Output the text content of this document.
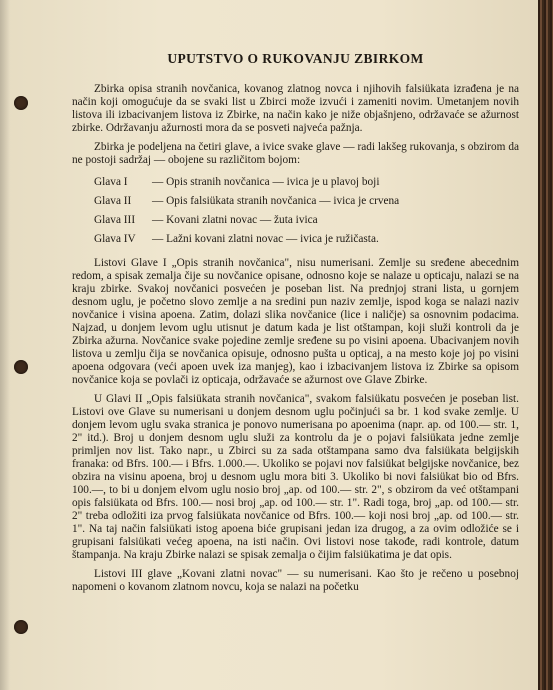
UPUTSTVO O RUKOVANJU ZBIRKOM

Zbirka opisa stranih novčanica, kovanog zlatnog novca i njihovih falsiükata izrađena je na način koji omogućuje da se svaki list u Zbirci može izvući i zameniti novim. Umetanjem novih listova ili izbacivanjem listova iz Zbirke, na način kako je niže objašnjeno, održavaće se ažurnost zbirke. Održavanju ažurnosti mora da se posveti najveća pažnja.

Zbirka je podeljena na četiri glave, a ivice svake glave — radi lakšeg rukovanja, s obzirom da ne postoji sadržaj — obojene su različitom bojom:

Glava I	— Opis stranih novčanica — ivica je u plavoj boji
Glava II	— Opis falsiükata stranih novčanica — ivica je crvena
Glava III	— Kovani zlatni novac — žuta ivica
Glava IV	— Lažni kovani zlatni novac — ivica je ružičasta.

Listovi Glave I „Opis stranih novčanica", nisu numerisani. Zemlje su sređene abecednim redom, a spisak zemalja čije su novčanice opisane, odnosno koje se nalaze u opticaju, nalazi se na kraju zbirke. Svakoj novčanici posvećen je poseban list. Na prednjoj strani lista, u gornjem desnom uglu, je početno slovo zemlje a na sredini pun naziv zemlje, ispod koga se nalazi naziv novčanice i visina apoena. Zatim, dolazi slika novčanice (lice i naličje) sa osnovnim podacima. Najzad, u donjem levom uglu utisnut je datum kada je list otštampan, koji služi kontroli da je Zbirka ažurna. Novčanice svake pojedine zemlje sređene su po visini apoena. Ubacivanjem novih listova u zemlju čija se novčanica opisuje, odnosno pušta u opticaj, a na mesto koje joj po visini apoena odgovara (veći apoen uvek iza manjeg), kao i izbacivanjem listova iz Zbirke sa opisom novčanice koja se povlači iz opticaja, održavaće se ažurnost ove Glave Zbirke.

U Glavi II „Opis falsiükata stranih novčanica", svakom falsiükatu posvećen je poseban list. Listovi ove Glave su numerisani u donjem desnom uglu počinjući sa br. 1 kod svake zemlje. U donjem levom uglu svaka stranica je ponovo numerisana po apoenima (napr. ap. od 100.— str. 1, 2" itd.). Broj u donjem desnom uglu služi za kontrolu da je o pojavi falsiükata jedne zemlje primljen nov list. Tako napr., u Zbirci su za sada otštampana samo dva falsiükata belgijskih franaka: od Bfrs. 100.— i Bfrs. 1.000.—. Ukoliko se pojavi nov falsiükat belgijske novčanice, bez obzira na visinu apoena, broj u desnom uglu mora biti 3. Ukoliko bi novi falsiükat bio od Bfrs. 100.—, to bi u donjem elvom uglu nosio broj „ap. od 100.— str. 2", s obzirom da već otštampani opis falsiükata od Bfrs. 100.— nosi broj „ap. od 100.— str. 1". Radi toga, broj „ap. od 100.— str. 2" treba odložiti iza prvog falsiükata novčanice od Bfrs. 100.— koji nosi broj „ap. od 100.— str. 1". Na taj način falsiükati istog apoena biće grupisani jedan iza drugog, a za ovim odložiće se i grupisani falsiükati većeg apoena, na isti način. Ovi listovi nose takođe, radi kontrole, datum štampanja. Na kraju Zbirke nalazi se spisak zemalja o čijim falsiükatima je dat opis.

Listovi III glave „Kovani zlatni novac" — su numerisani. Kao što je rečeno u posebnoj napomeni o kovanom zlatnom novcu, koja se nalazi na početku
